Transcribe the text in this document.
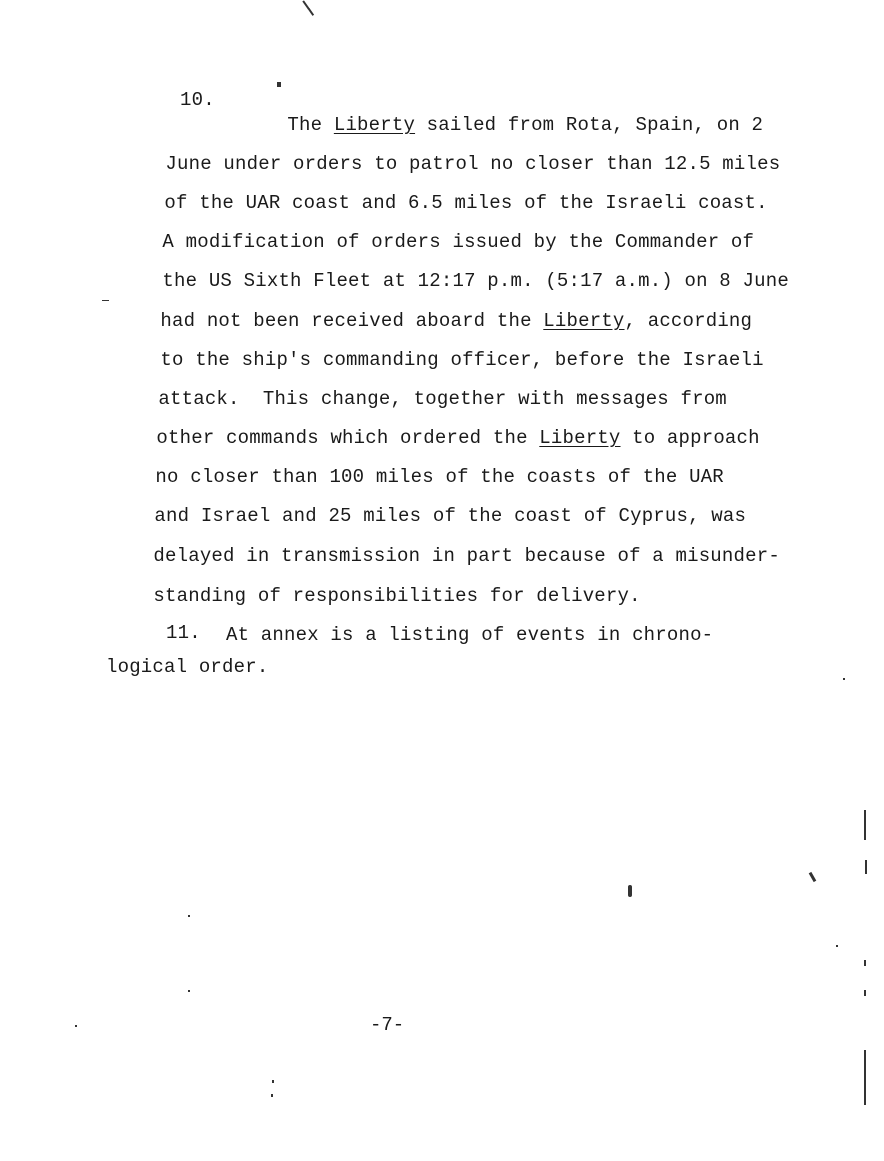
10.

The Liberty sailed from Rota, Spain, on 2

June under orders to patrol no closer than 12.5 miles

of the UAR coast and 6.5 miles of the Israeli coast.

A modification of orders issued by the Commander of

the US Sixth Fleet at 12:17 p.m. (5:17 a.m.) on 8 June

had not been received aboard the Liberty, according

to the ship's commanding officer, before the Israeli

attack.  This change, together with messages from

other commands which ordered the Liberty to approach

no closer than 100 miles of the coasts of the UAR

and Israel and 25 miles of the coast of Cyprus, was

delayed in transmission in part because of a misunder-

standing of responsibilities for delivery.

11. At annex is a listing of events in chrono-
logical order.
-7-
